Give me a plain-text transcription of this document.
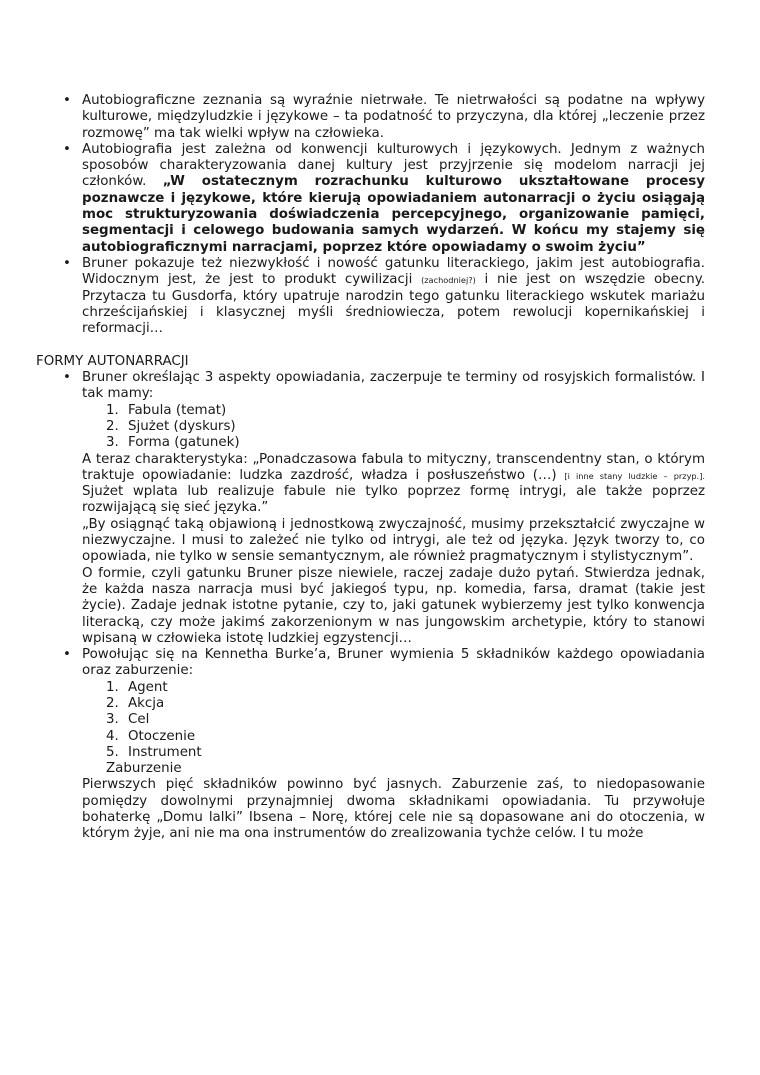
• Autobiograficzne zeznania są wyraźnie nietrwałe. Te nietrwałości są podatne na wpływy kulturowe, międzyludzkie i językowe – ta podatność to przyczyna, dla której „leczenie przez rozmowę” ma tak wielki wpływ na człowieka.
• Autobiografia jest zależna od konwencji kulturowych i językowych. Jednym z ważnych sposobów charakteryzowania danej kultury jest przyjrzenie się modelom narracji jej członków. „W ostatecznym rozrachunku kulturowo ukształtowane procesy poznawcze i językowe, które kierują opowiadaniem autonarracji o życiu osiągają moc strukturyzowania doświadczenia percepcyjnego, organizowanie pamięci, segmentacji i celowego budowania samych wydarzeń. W końcu my stajemy się autobiograficznymi narracjami, poprzez które opowiadamy o swoim życiu”
• Bruner pokazuje też niezwykłość i nowość gatunku literackiego, jakim jest autobiografia. Widocznym jest, że jest to produkt cywilizacji (zachodniej?) i nie jest on wszędzie obecny. Przytacza tu Gusdorfa, który upatruje narodzin tego gatunku literackiego wskutek mariażu chrześcijańskiej i klasycznej myśli średniowiecza, potem rewolucji kopernikańskiej i reformacji…
FORMY AUTONARRACJI
• Bruner określając 3 aspekty opowiadania, zaczerpuje te terminy od rosyjskich formalistów. I tak mamy:
1. Fabula (temat)
2. Sjużet (dyskurs)
3. Forma (gatunek)

A teraz charakterystyka: „Ponadczasowa fabula to mityczny, transcendentny stan, o którym traktuje opowiadanie: ludzka zazdrość, władza i posłuszeństwo (…) [i inne stany ludzkie – przyp.]. Sjużet wplata lub realizuje fabule nie tylko poprzez formę intrygi, ale także poprzez rozwijającą się sieć języka.”

„By osiągnąć taką objawioną i jednostkową zwyczajność, musimy przekształcić zwyczajne w niezwyczajne. I musi to zależeć nie tylko od intrygi, ale też od języka. Język tworzy to, co opowiada, nie tylko w sensie semantycznym, ale również pragmatycznym i stylistycznym”.

O formie, czyli gatunku Bruner pisze niewiele, raczej zadaje dużo pytań. Stwierdza jednak, że każda nasza narracja musi być jakiegoś typu, np. komedia, farsa, dramat (takie jest życie). Zadaje jednak istotne pytanie, czy to, jaki gatunek wybierzemy jest tylko konwencja literacką, czy może jakimś zakorzenionym w nas jungowskim archetypie, który to stanowi wpisaną w człowieka istotę ludzkiej egzystencji…

• Powołując się na Kennetha Burke’a, Bruner wymienia 5 składników każdego opowiadania oraz zaburzenie:
1. Agent
2. Akcja
3. Cel
4. Otoczenie
5. Instrument
Zaburzenie

Pierwszych pięć składników powinno być jasnych. Zaburzenie zaś, to niedopasowanie pomiędzy dowolnymi przynajmniej dwoma składnikami opowiadania. Tu przywołuje bohaterkę „Domu lalki” Ibsena – Norę, której cele nie są dopasowane ani do otoczenia, w którym żyje, ani nie ma ona instrumentów do zrealizowania tychże celów. I tu może
